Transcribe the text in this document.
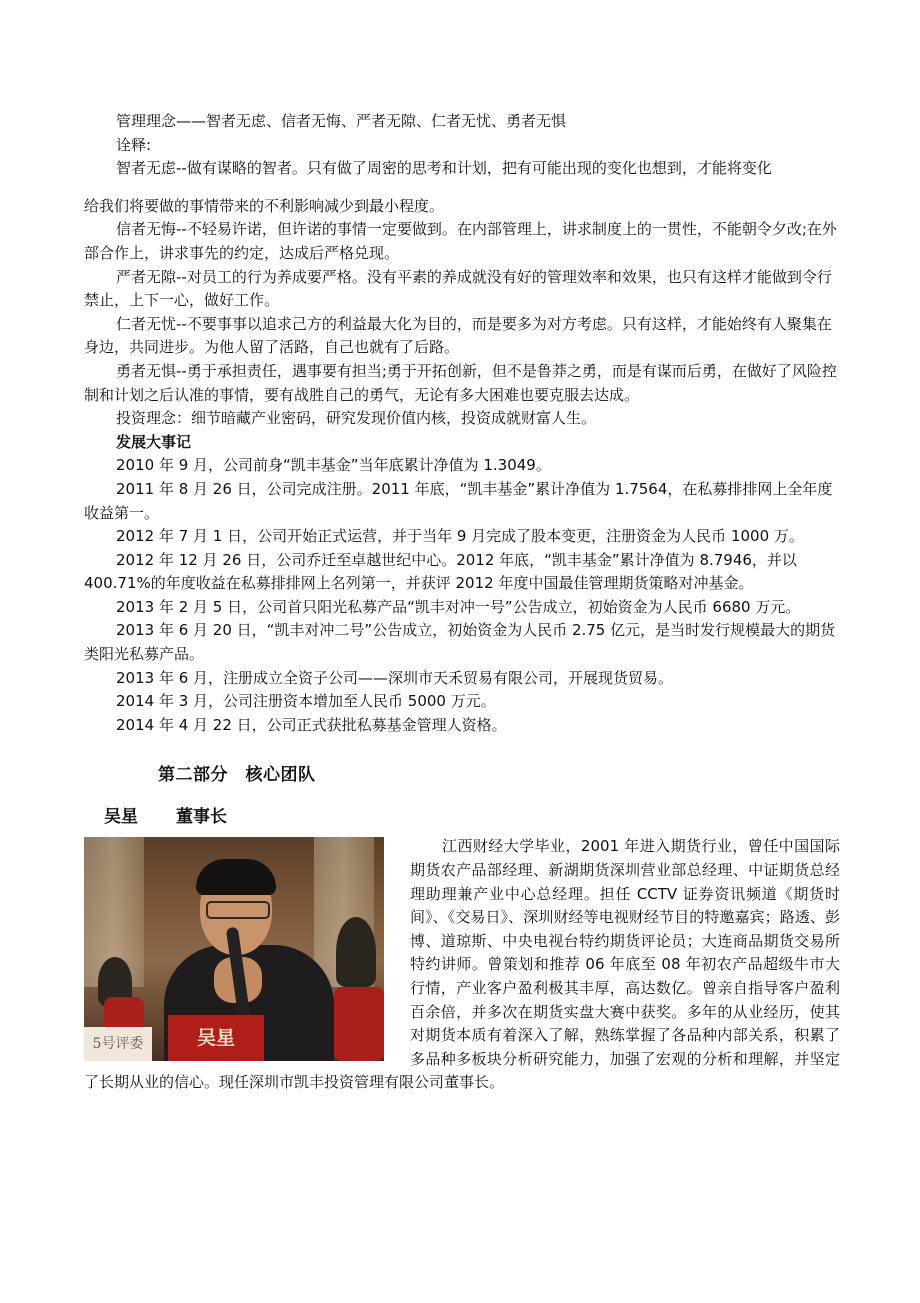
管理理念——智者无虑、信者无悔、严者无隙、仁者无忧、勇者无惧

诠释:

智者无虑--做有谋略的智者。只有做了周密的思考和计划，把有可能出现的变化也想到，才能将变化

给我们将要做的事情带来的不利影响减少到最小程度。

信者无悔--不轻易许诺，但许诺的事情一定要做到。在内部管理上，讲求制度上的一贯性，不能朝令夕改;在外部合作上，讲求事先的约定，达成后严格兑现。

严者无隙--对员工的行为养成要严格。没有平素的养成就没有好的管理效率和效果，也只有这样才能做到令行禁止，上下一心，做好工作。

仁者无忧--不要事事以追求己方的利益最大化为目的，而是要多为对方考虑。只有这样，才能始终有人聚集在身边，共同进步。为他人留了活路，自己也就有了后路。

勇者无惧--勇于承担责任，遇事要有担当;勇于开拓创新，但不是鲁莽之勇，而是有谋而后勇，在做好了风险控制和计划之后认准的事情，要有战胜自己的勇气，无论有多大困难也要克服去达成。

投资理念：细节暗藏产业密码，研究发现价值内核，投资成就财富人生。

发展大事记

2010 年 9 月，公司前身“凯丰基金”当年底累计净值为 1.3049。

2011 年 8 月 26 日，公司完成注册。2011 年底，“凯丰基金”累计净值为 1.7564，在私募排排网上全年度收益第一。

2012 年 7 月 1 日，公司开始正式运营，并于当年 9 月完成了股本变更，注册资金为人民币 1000 万。

2012 年 12 月 26 日，公司乔迁至卓越世纪中心。2012 年底，“凯丰基金”累计净值为 8.7946，并以 400.71%的年度收益在私募排排网上名列第一，并获评 2012 年度中国最佳管理期货策略对冲基金。

2013 年 2 月 5 日，公司首只阳光私募产品“凯丰对冲一号”公告成立，初始资金为人民币 6680 万元。

2013 年 6 月 20 日，“凯丰对冲二号”公告成立，初始资金为人民币 2.75 亿元，是当时发行规模最大的期货类阳光私募产品。

2013 年 6 月，注册成立全资子公司——深圳市天禾贸易有限公司，开展现货贸易。

2014 年 3 月，公司注册资本增加至人民币 5000 万元。

2014 年 4 月 22 日，公司正式获批私募基金管理人资格。

第二部分　核心团队
吴星 董事长
5号评委	吴星
江西财经大学毕业，2001 年进入期货行业，曾任中国国际期货农产品部经理、新湖期货深圳营业部总经理、中证期货总经理助理兼产业中心总经理。担任 CCTV 证券资讯频道《期货时间》、《交易日》、深圳财经等电视财经节目的特邀嘉宾；路透、彭博、道琼斯、中央电视台特约期货评论员；大连商品期货交易所特约讲师。曾策划和推荐 06 年底至 08 年初农产品超级牛市大行情，产业客户盈利极其丰厚，高达数亿。曾亲自指导客户盈利百余倍，并多次在期货实盘大赛中获奖。多年的从业经历，使其对期货本质有着深入了解，熟练掌握了各品种内部关系，积累了多品种多板块分析研究能力，加强了宏观的分析和理解，并坚定了长期从业的信心。现任深圳市凯丰投资管理有限公司董事长。
